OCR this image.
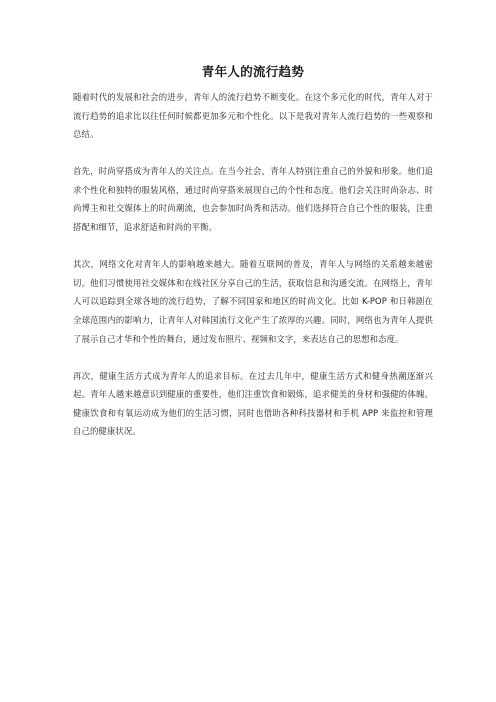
青年人的流行趋势

随着时代的发展和社会的进步，青年人的流行趋势不断变化。在这个多元化的时代，青年人对于流行趋势的追求比以往任何时候都更加多元和个性化。以下是我对青年人流行趋势的一些观察和总结。

首先，时尚穿搭成为青年人的关注点。在当今社会，青年人特别注重自己的外貌和形象。他们追求个性化和独特的服装风格，通过时尚穿搭来展现自己的个性和态度。他们会关注时尚杂志、时尚博主和社交媒体上的时尚潮流，也会参加时尚秀和活动。他们选择符合自己个性的服装，注重搭配和细节，追求舒适和时尚的平衡。

其次，网络文化对青年人的影响越来越大。随着互联网的普及，青年人与网络的关系越来越密切。他们习惯使用社交媒体和在线社区分享自己的生活，获取信息和沟通交流。在网络上，青年人可以追踪到全球各地的流行趋势，了解不同国家和地区的时尚文化。比如 K-POP 和日韩剧在全球范围内的影响力，让青年人对韩国流行文化产生了浓厚的兴趣。同时，网络也为青年人提供了展示自己才华和个性的舞台，通过发布照片、视频和文字，来表达自己的思想和态度。

再次，健康生活方式成为青年人的追求目标。在过去几年中，健康生活方式和健身热潮逐渐兴起。青年人越来越意识到健康的重要性，他们注重饮食和锻炼，追求健美的身材和强健的体魄。健康饮食和有氧运动成为他们的生活习惯，同时也借助各种科技器材和手机 APP 来监控和管理自己的健康状况。
